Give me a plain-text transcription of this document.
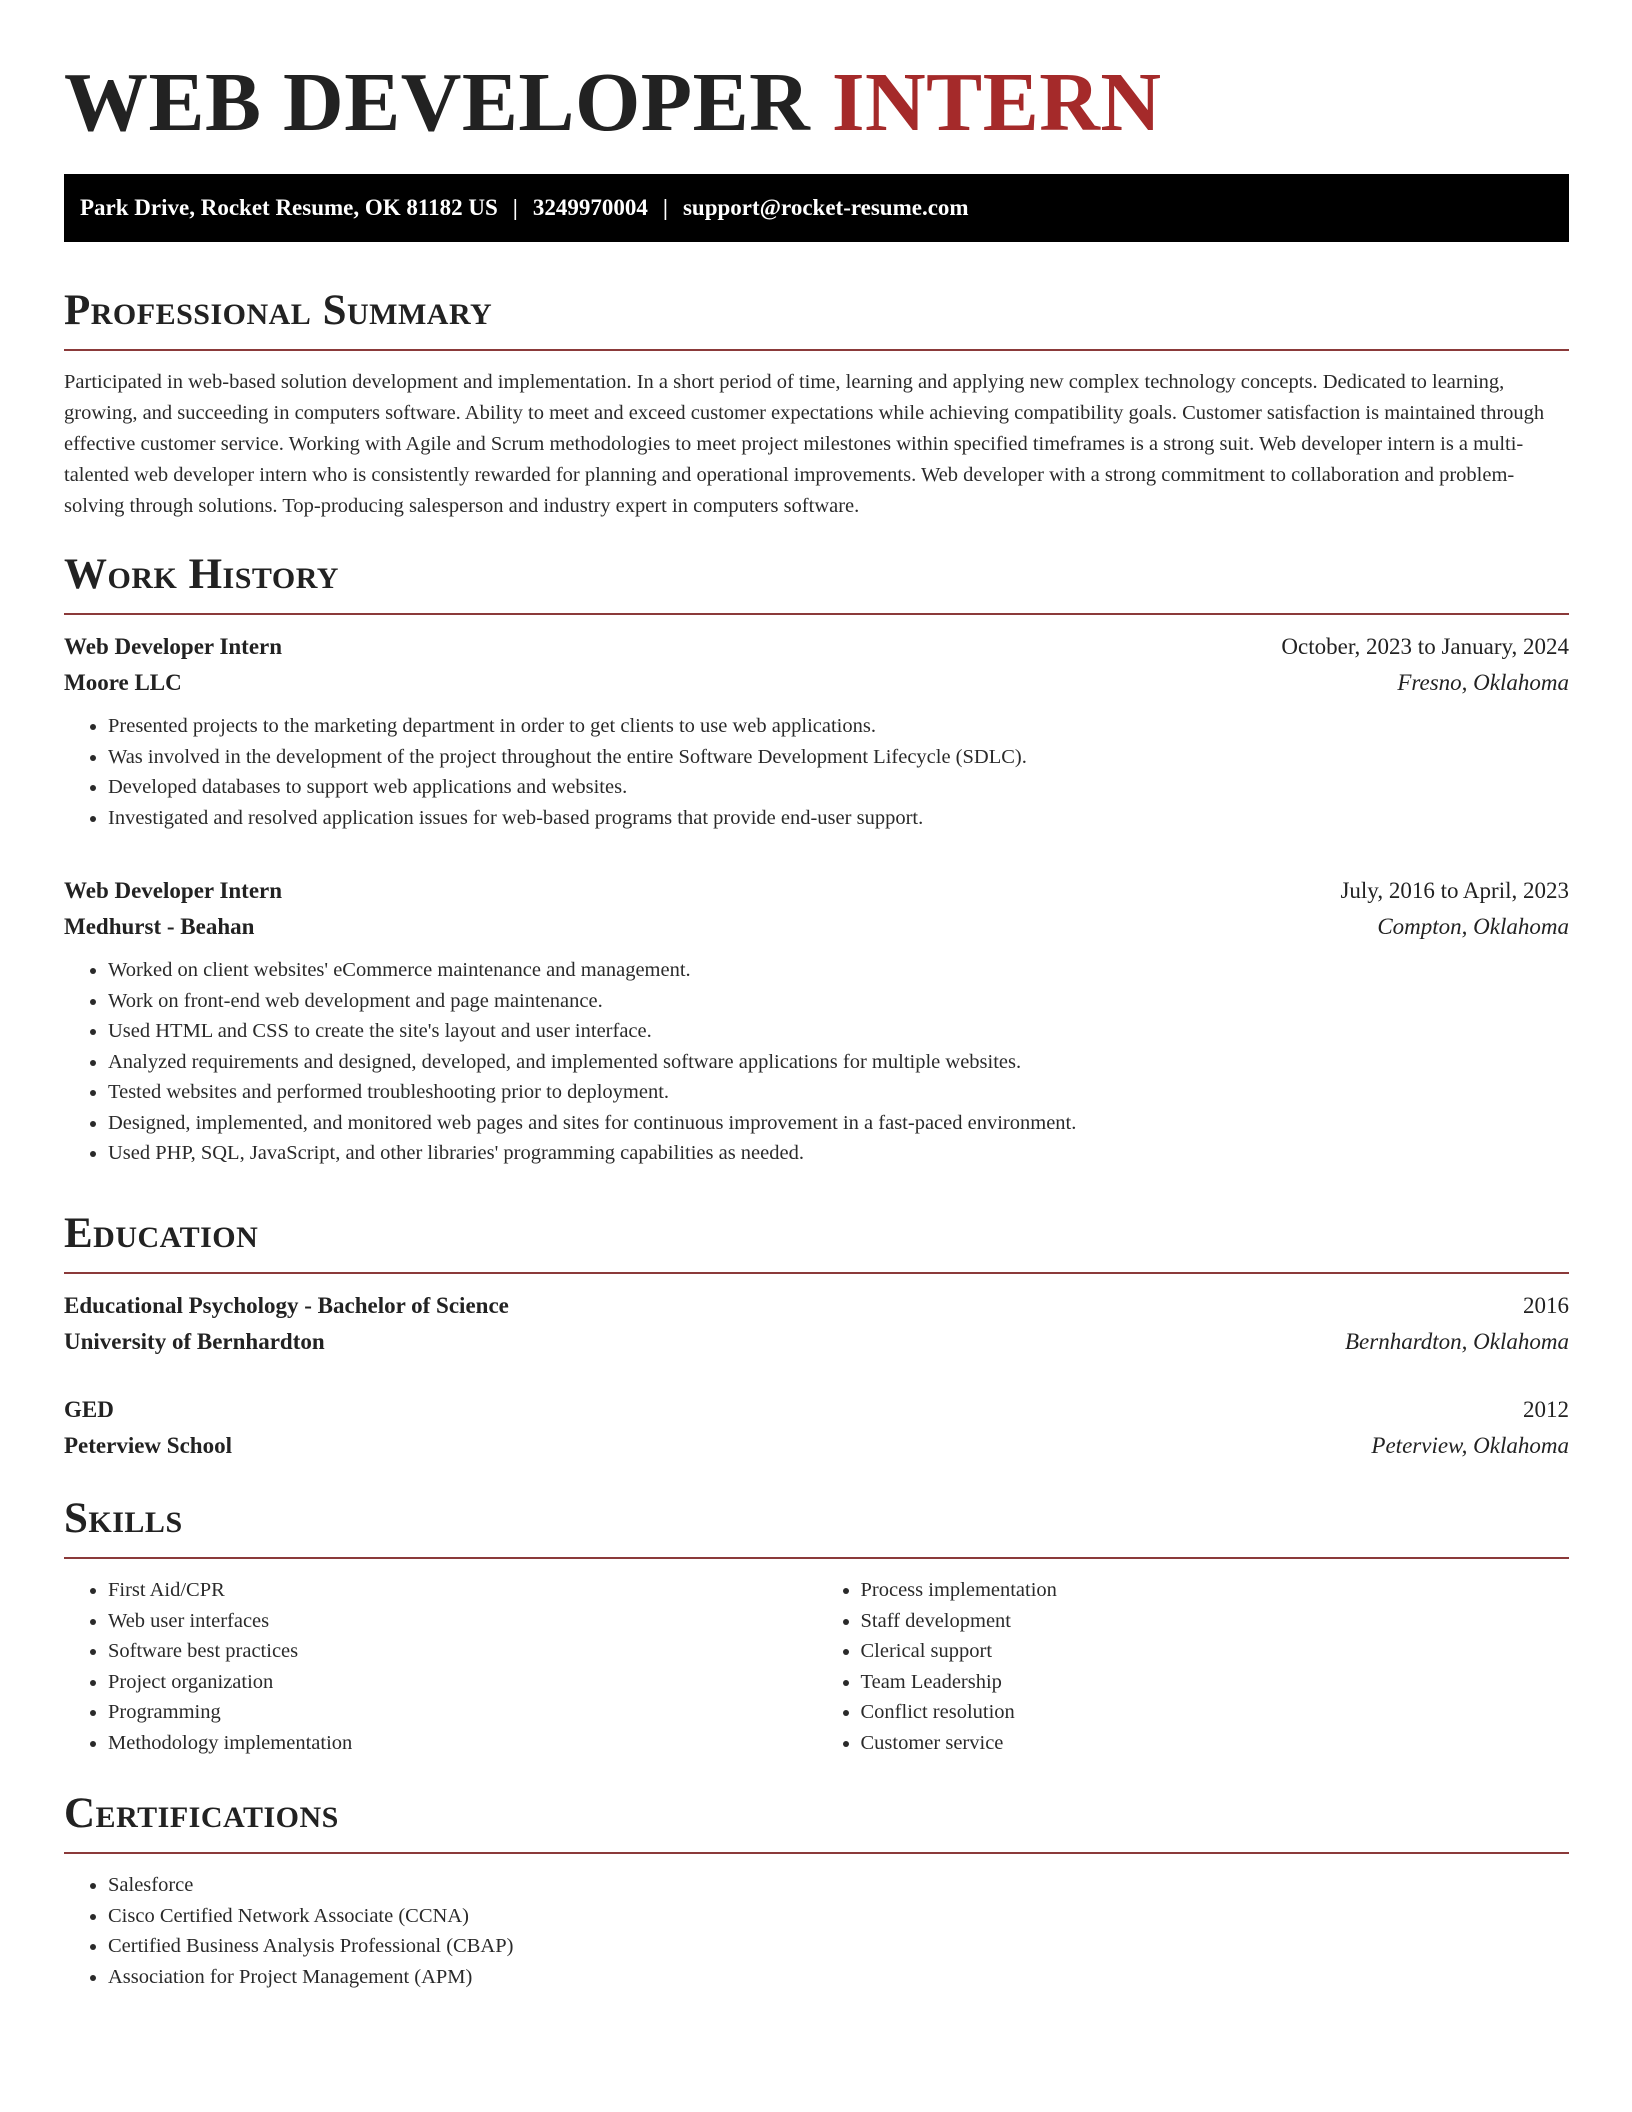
WEB DEVELOPER INTERN
Park Drive, Rocket Resume, OK 81182 US | 3249970004 | support@rocket-resume.com
Professional Summary

Participated in web-based solution development and implementation. In a short period of time, learning and applying new complex technology concepts. Dedicated to learning, growing, and succeeding in computers software. Ability to meet and exceed customer expectations while achieving compatibility goals. Customer satisfaction is maintained through effective customer service. Working with Agile and Scrum methodologies to meet project milestones within specified timeframes is a strong suit. Web developer intern is a multi-talented web developer intern who is consistently rewarded for planning and operational improvements. Web developer with a strong commitment to collaboration and problem-solving through solutions. Top-producing salesperson and industry expert in computers software.

Work History
Web Developer Intern	October, 2023 to January, 2024
Moore LLC	Fresno, Oklahoma
• Presented projects to the marketing department in order to get clients to use web applications.
• Was involved in the development of the project throughout the entire Software Development Lifecycle (SDLC).
• Developed databases to support web applications and websites.
• Investigated and resolved application issues for web-based programs that provide end-user support.
Web Developer Intern	July, 2016 to April, 2023
Medhurst - Beahan	Compton, Oklahoma
• Worked on client websites' eCommerce maintenance and management.
• Work on front-end web development and page maintenance.
• Used HTML and CSS to create the site's layout and user interface.
• Analyzed requirements and designed, developed, and implemented software applications for multiple websites.
• Tested websites and performed troubleshooting prior to deployment.
• Designed, implemented, and monitored web pages and sites for continuous improvement in a fast-paced environment.
• Used PHP, SQL, JavaScript, and other libraries' programming capabilities as needed.
Education
Educational Psychology - Bachelor of Science	2016
University of Bernhardton	Bernhardton, Oklahoma
GED	2012
Peterview School	Peterview, Oklahoma
Skills
• First Aid/CPR
• Web user interfaces
• Software best practices
• Project organization
• Programming
• Methodology implementation
• Process implementation
• Staff development
• Clerical support
• Team Leadership
• Conflict resolution
• Customer service
Certifications
• Salesforce
• Cisco Certified Network Associate (CCNA)
• Certified Business Analysis Professional (CBAP)
• Association for Project Management (APM)
